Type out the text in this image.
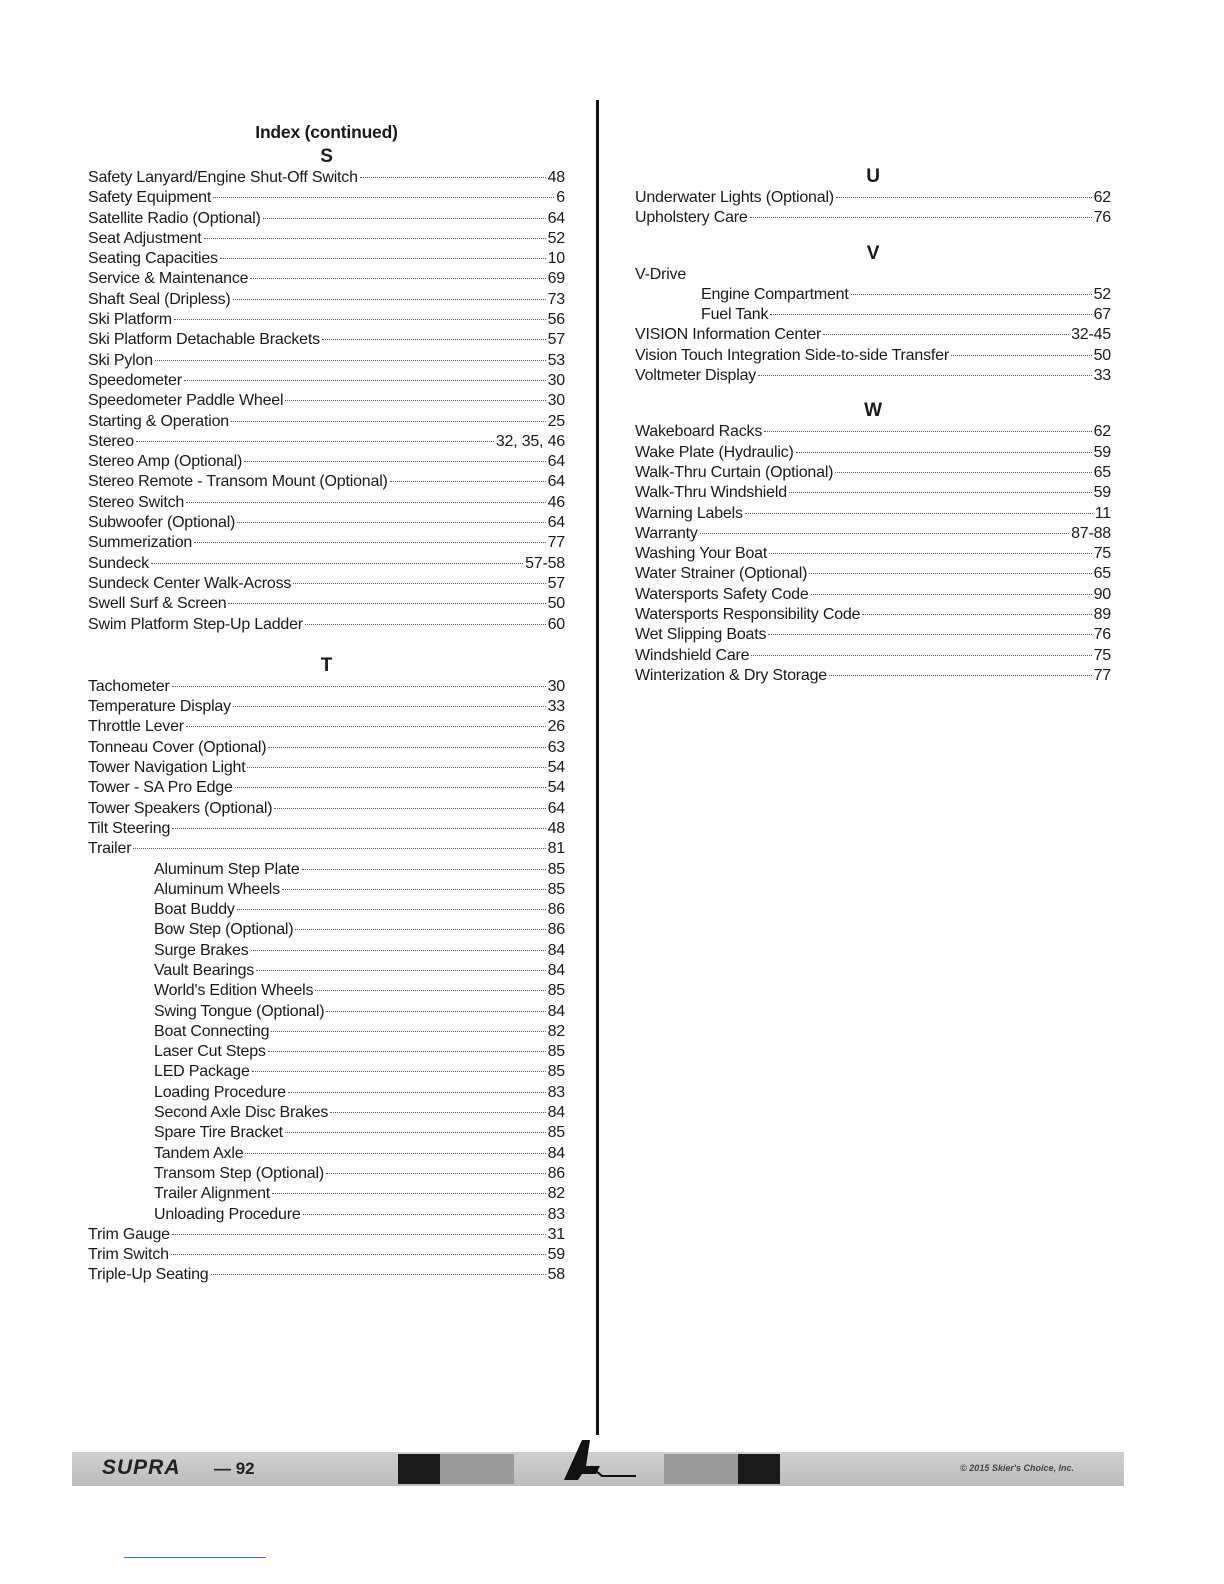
Index (continued)
S
Safety Lanyard/Engine Shut-Off Switch	48
Safety Equipment	6
Satellite Radio (Optional)	64
Seat Adjustment	52
Seating Capacities	10
Service & Maintenance	69
Shaft Seal (Dripless)	73
Ski Platform	56
Ski Platform Detachable Brackets	57
Ski Pylon	53
Speedometer	30
Speedometer Paddle Wheel	30
Starting & Operation	25
Stereo	32, 35, 46
Stereo Amp (Optional)	64
Stereo Remote - Transom Mount (Optional)	64
Stereo Switch	46
Subwoofer (Optional)	64
Summerization	77
Sundeck	57-58
Sundeck Center Walk-Across	57
Swell Surf & Screen	50
Swim Platform Step-Up Ladder	60
T
Tachometer	30
Temperature Display	33
Throttle Lever	26
Tonneau Cover (Optional)	63
Tower Navigation Light	54
Tower - SA Pro Edge	54
Tower Speakers (Optional)	64
Tilt Steering	48
Trailer	81
Aluminum Step Plate	85
Aluminum Wheels	85
Boat Buddy	86
Bow Step (Optional)	86
Surge Brakes	84
Vault Bearings	84
World's Edition Wheels	85
Swing Tongue (Optional)	84
Boat Connecting	82
Laser Cut Steps	85
LED Package	85
Loading Procedure	83
Second Axle Disc Brakes	84
Spare Tire Bracket	85
Tandem Axle	84
Transom Step (Optional)	86
Trailer Alignment	82
Unloading Procedure	83
Trim Gauge	31
Trim Switch	59
Triple-Up Seating	58
U
Underwater Lights (Optional)	62
Upholstery Care	76
V
V-Drive
Engine Compartment	52
Fuel Tank	67
VISION Information Center	32-45
Vision Touch Integration Side-to-side Transfer	50
Voltmeter Display	33
W
Wakeboard Racks	62
Wake Plate (Hydraulic)	59
Walk-Thru Curtain (Optional)	65
Walk-Thru Windshield	59
Warning Labels	11
Warranty	87-88
Washing Your Boat	75
Water Strainer (Optional)	65
Watersports Safety Code	90
Watersports Responsibility Code	89
Wet Slipping Boats	76
Windshield Care	75
Winterization & Dry Storage	77
SUPRA — 92	© 2015 Skier's Choice, Inc.
